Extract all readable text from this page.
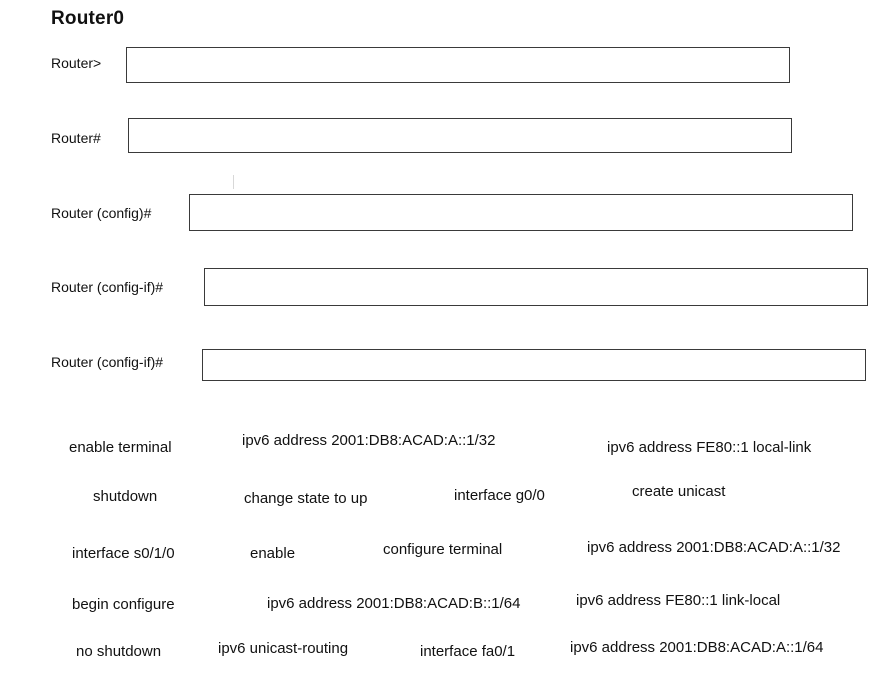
Router0
Router>
Router#
Router (config)#
Router (config-if)#
Router (config-if)#
enable terminal	ipv6 address 2001:DB8:ACAD:A::1/32	ipv6 address FE80::1 local-link
shutdown	change state to up	interface g0/0	create unicast
interface s0/1/0	enable	configure terminal	ipv6 address 2001:DB8:ACAD:A::1/32
begin configure	ipv6 address 2001:DB8:ACAD:B::1/64	ipv6 address FE80::1 link-local
no shutdown	ipv6 unicast-routing	interface fa0/1	ipv6 address 2001:DB8:ACAD:A::1/64
